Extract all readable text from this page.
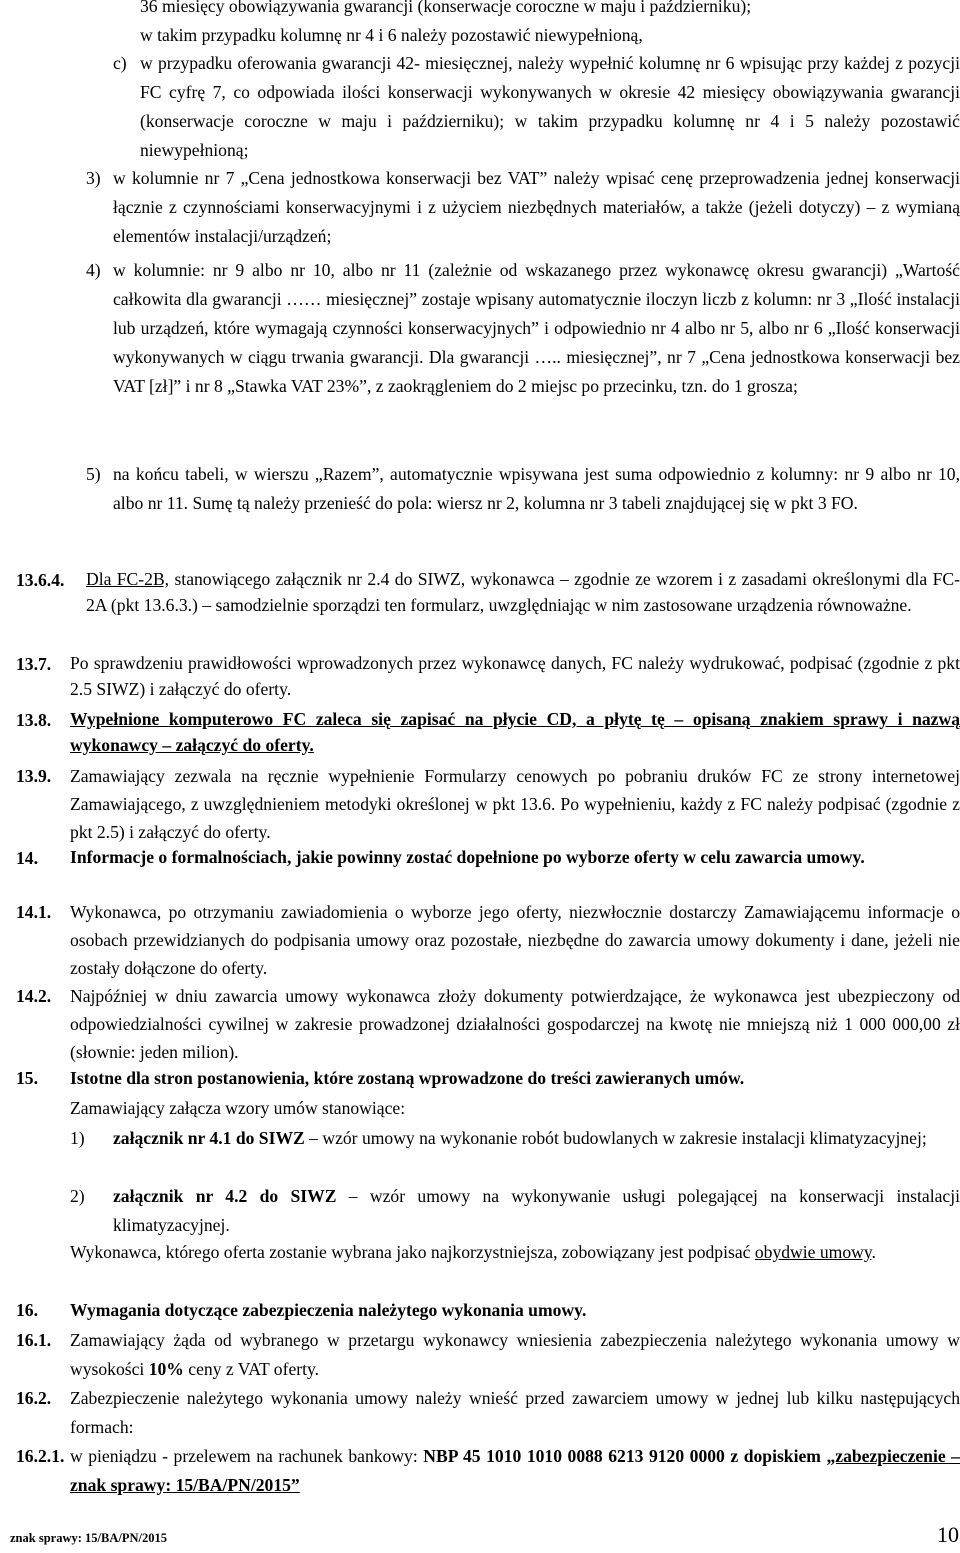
36 miesięcy obowiązywania gwarancji (konserwacje coroczne w maju i październiku);
w takim przypadku kolumnę nr 4 i 6 należy pozostawić niewypełnioną,
c) w przypadku oferowania gwarancji 42- miesięcznej, należy wypełnić kolumnę nr 6 wpisując przy każdej z pozycji FC cyfrę 7, co odpowiada ilości konserwacji wykonywanych w okresie 42 miesięcy obowiązywania gwarancji (konserwacje coroczne w maju i październiku); w takim przypadku kolumnę nr 4 i 5 należy pozostawić niewypełnioną;
3) w kolumnie nr 7 „Cena jednostkowa konserwacji bez VAT” należy wpisać cenę przeprowadzenia jednej konserwacji łącznie z czynnościami konserwacyjnymi i z użyciem niezbędnych materiałów, a także (jeżeli dotyczy) – z wymianą elementów instalacji/urządzeń;
4) w kolumnie: nr 9 albo nr 10, albo nr 11 (zależnie od wskazanego przez wykonawcę okresu gwarancji) „Wartość całkowita dla gwarancji …… miesięcznej” zostaje wpisany automatycznie iloczyn liczb z kolumn: nr 3 „Ilość instalacji lub urządzeń, które wymagają czynności konserwacyjnych” i odpowiednio nr 4 albo nr 5, albo nr 6 „Ilość konserwacji wykonywanych w ciągu trwania gwarancji. Dla gwarancji ….. miesięcznej”, nr 7 „Cena jednostkowa konserwacji bez VAT [zł]” i nr 8 „Stawka VAT 23%”, z zaokrągleniem do 2 miejsc po przecinku, tzn. do 1 grosza;
5) na końcu tabeli, w wierszu „Razem”, automatycznie wpisywana jest suma odpowiednio z kolumny: nr 9 albo nr 10, albo nr 11. Sumę tą należy przenieść do pola: wiersz nr 2, kolumna nr 3 tabeli znajdującej się w pkt 3 FO.
13.6.4. Dla FC-2B, stanowiącego załącznik nr 2.4 do SIWZ, wykonawca – zgodnie ze wzorem i z zasadami określonymi dla FC-2A (pkt 13.6.3.) – samodzielnie sporządzi ten formularz, uwzględniając w nim zastosowane urządzenia równoważne.
13.7. Po sprawdzeniu prawidłowości wprowadzonych przez wykonawcę danych, FC należy wydrukować, podpisać (zgodnie z pkt 2.5 SIWZ) i załączyć do oferty.
13.8. Wypełnione komputerowo FC zaleca się zapisać na płycie CD, a płytę tę – opisaną znakiem sprawy i nazwą wykonawcy – załączyć do oferty.
13.9. Zamawiający zezwala na ręcznie wypełnienie Formularzy cenowych po pobraniu druków FC ze strony internetowej Zamawiającego, z uwzględnieniem metodyki określonej w pkt 13.6. Po wypełnieniu, każdy z FC należy podpisać (zgodnie z pkt 2.5) i załączyć do oferty.
14. Informacje o formalnościach, jakie powinny zostać dopełnione po wyborze oferty w celu zawarcia umowy.
14.1. Wykonawca, po otrzymaniu zawiadomienia o wyborze jego oferty, niezwłocznie dostarczy Zamawiającemu informacje o osobach przewidzianych do podpisania umowy oraz pozostałe, niezbędne do zawarcia umowy dokumenty i dane, jeżeli nie zostały dołączone do oferty.
14.2. Najpóźniej w dniu zawarcia umowy wykonawca złoży dokumenty potwierdzające, że wykonawca jest ubezpieczony od odpowiedzialności cywilnej w zakresie prowadzonej działalności gospodarczej na kwotę nie mniejszą niż 1 000 000,00 zł (słownie: jeden milion).
15. Istotne dla stron postanowienia, które zostaną wprowadzone do treści zawieranych umów.
Zamawiający załącza wzory umów stanowiące:
1) załącznik nr 4.1 do SIWZ – wzór umowy na wykonanie robót budowlanych w zakresie instalacji klimatyzacyjnej;
2) załącznik nr 4.2 do SIWZ – wzór umowy na wykonywanie usługi polegającej na konserwacji instalacji klimatyzacyjnej.
Wykonawca, którego oferta zostanie wybrana jako najkorzystniejsza, zobowiązany jest podpisać obydwie umowy.
16. Wymagania dotyczące zabezpieczenia należytego wykonania umowy.
16.1. Zamawiający żąda od wybranego w przetargu wykonawcy wniesienia zabezpieczenia należytego wykonania umowy w wysokości 10% ceny z VAT oferty.
16.2. Zabezpieczenie należytego wykonania umowy należy wnieść przed zawarciem umowy w jednej lub kilku następujących formach:
16.2.1. w pieniądzu - przelewem na rachunek bankowy: NBP 45 1010 1010 0088 6213 9120 0000 z dopiskiem „zabezpieczenie – znak sprawy: 15/BA/PN/2015”
znak sprawy: 15/BA/PN/2015	10
